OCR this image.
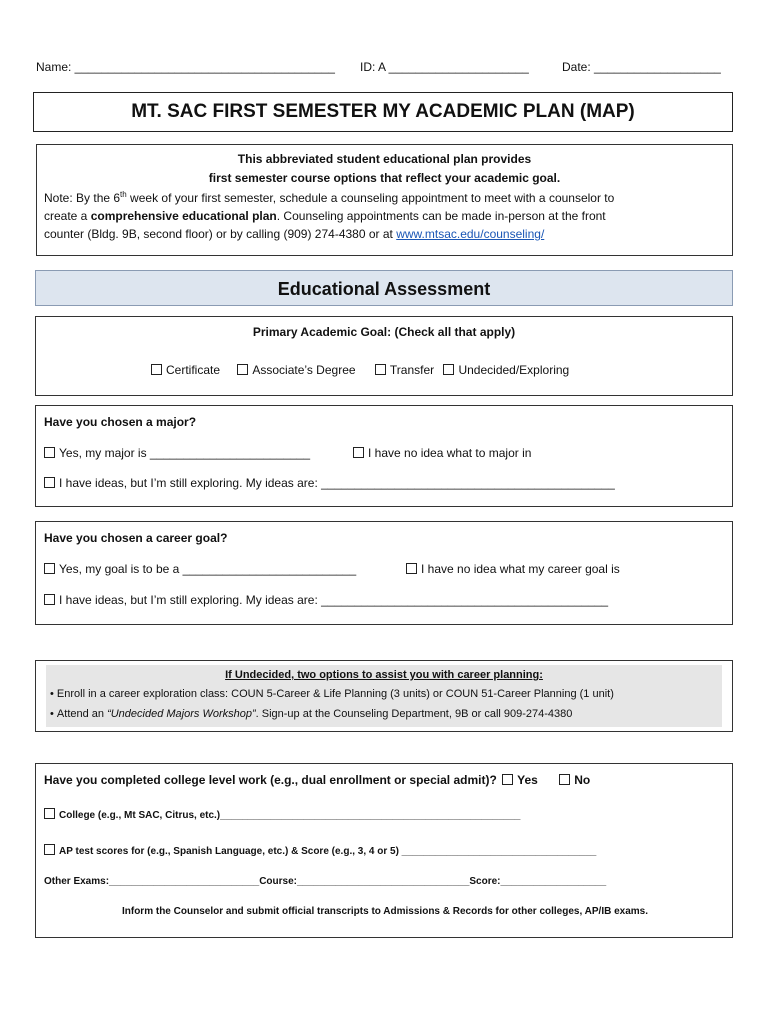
Name: _______________________________________ ID: A _____________________	Date: ___________________
MT. SAC FIRST SEMESTER MY ACADEMIC PLAN (MAP)
This abbreviated student educational plan provides
first semester course options that reflect your academic goal.
Note: By the 6th week of your first semester, schedule a counseling appointment to meet with a counselor to
create a comprehensive educational plan. Counseling appointments can be made in-person at the front
counter (Bldg. 9B, second floor) or by calling (909) 274-4380 or at www.mtsac.edu/counseling/
Educational Assessment
Primary Academic Goal: (Check all that apply)
Certificate	Associate’s Degree	Transfer Undecided/Exploring
Have you chosen a major?
Yes, my major is ________________________	I have no idea what to major in
I have ideas, but I’m still exploring. My ideas are: ____________________________________________
Have you chosen a career goal?
Yes, my goal is to be a __________________________	I have no idea what my career goal is
I have ideas, but I’m still exploring. My ideas are: ___________________________________________
If Undecided, two options to assist you with career planning:
• Enroll in a career exploration class: COUN 5-Career & Life Planning (3 units) or COUN 51-Career Planning (1 unit)
• Attend an “Undecided Majors Workshop”. Sign-up at the Counseling Department, 9B or call 909-274-4380
Have you completed college level work (e.g., dual enrollment or special admit)? Yes	No
College (e.g., Mt SAC, Citrus, etc.)______________________________________________________
AP test scores for (e.g., Spanish Language, etc.) & Score (e.g., 3, 4 or 5) ___________________________________
Other Exams:___________________________Course:_______________________________Score:___________________
Inform the Counselor and submit official transcripts to Admissions & Records for other colleges, AP/IB exams.
